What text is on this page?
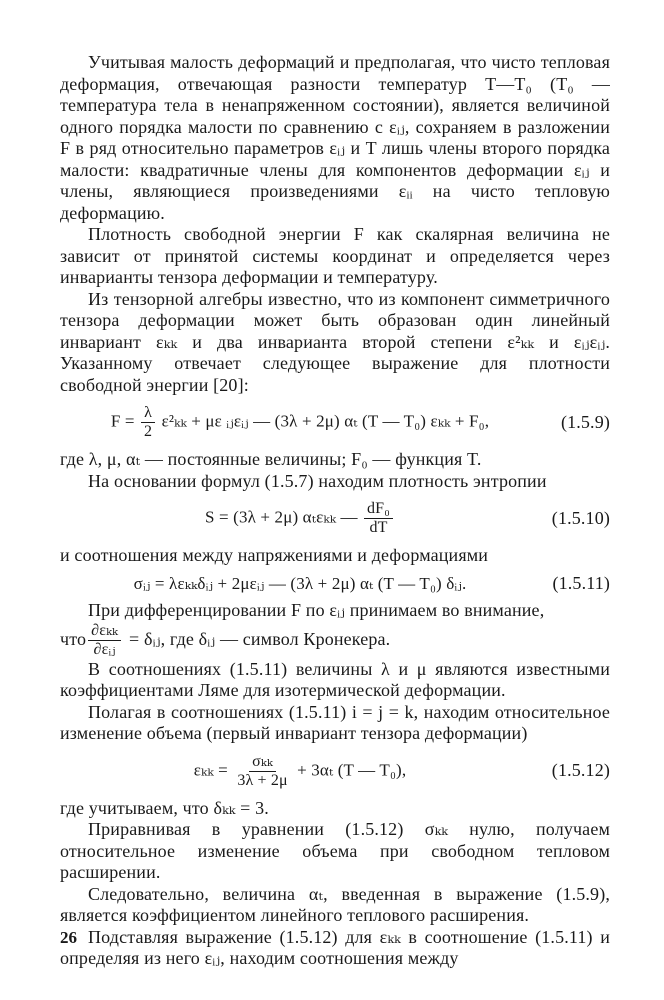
Учитывая малость деформаций и предполагая, что чисто тепловая деформация, отвечающая разности температур T—T₀ (T₀ — температура тела в ненапряженном состоянии), является величиной одного порядка малости по сравнению с εᵢⱼ, сохраняем в разложении F в ряд относительно параметров εᵢⱼ и T лишь члены второго порядка малости: квадратичные члены для компонентов деформации εᵢⱼ и члены, являющиеся произведениями εᵢᵢ на чисто тепловую деформацию.

Плотность свободной энергии F как скалярная величина не зависит от принятой системы координат и определяется через инварианты тензора деформации и температуру.

Из тензорной алгебры известно, что из компонент симметричного тензора деформации может быть образован один линейный инвариант εₖₖ и два инварианта второй степени ε²ₖₖ и εᵢⱼεᵢⱼ. Указанному отвечает следующее выражение для плотности свободной энергии [20]:

$F = \frac{\lambda}{2} \varepsilon^2_{kk} + \mu\varepsilon$ ᵢⱼεᵢⱼ — (3λ + 2μ) αₜ (T — T₀) εₖₖ + F₀,	(1.5.9)

где λ, μ, αₜ — постоянные величины; F₀ — функция T.

На основании формул (1.5.7) находим плотность энтропии

S = (3λ + 2μ) αₜεₖₖ — $\frac{\text{dF₀}}{dT}$	(1.5.10)

и соотношения между напряжениями и деформациями

σᵢⱼ = λεₖₖδᵢⱼ + 2μεᵢⱼ — (3λ + 2μ) αₜ (T — T₀) δᵢⱼ.	(1.5.11)

При дифференцировании F по εᵢⱼ принимаем во внимание,

что $\frac{\text{∂εₖₖ}}{\text{∂εᵢⱼ}}$ = δᵢⱼ, где δᵢⱼ — символ Кронекера.

В соотношениях (1.5.11) величины λ и μ являются известными коэффициентами Ляме для изотермической деформации.

Полагая в соотношениях (1.5.11) i = j = k, находим относительное изменение объема (первый инвариант тензора деформации)

$\varepsilon_{kk} = \frac{\text{σₖₖ}}{3\lambda + 2\mu} + 3\alpha_t$ (T — T₀),	(1.5.12)

где учитываем, что δₖₖ = 3.

Приравнивая в уравнении (1.5.12) σₖₖ нулю, получаем относительное изменение объема при свободном тепловом расширении.

Следовательно, величина αₜ, введенная в выражение (1.5.9), является коэффициентом линейного теплового расширения.

Подставляя выражение (1.5.12) для εₖₖ в соотношение (1.5.11) и определяя из него εᵢⱼ, находим соотношения между

26
